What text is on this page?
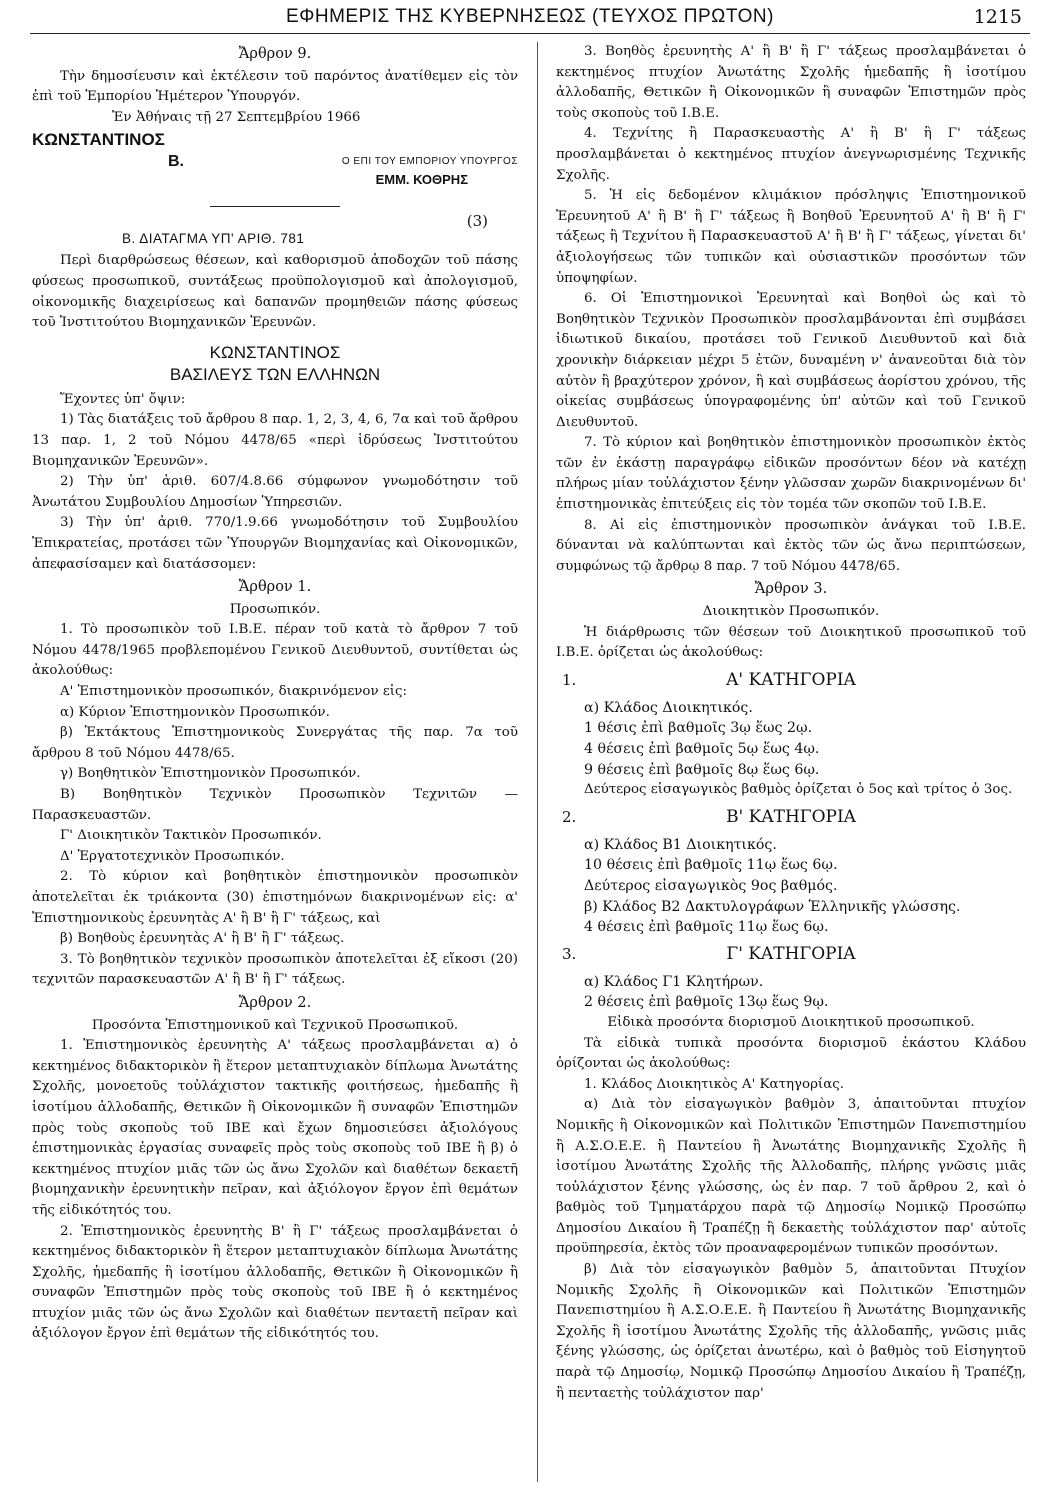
ΕΦΗΜΕΡΙΣ ΤΗΣ ΚΥΒΕΡΝΗΣΕΩΣ (ΤΕΥΧΟΣ ΠΡΩΤΟΝ)	1215

Ἄρθρον 9.

Τὴν δημοσίευσιν καὶ ἐκτέλεσιν τοῦ παρόντος ἀνατίθεμεν εἰς τὸν ἐπὶ τοῦ Ἐμπορίου Ἡμέτερον Ὑπουργόν.

Ἐν Ἀθήναις τῇ 27 Σεπτεμβρίου 1966

ΚΩΝΣΤΑΝΤΙΝΟΣ

Β.	Ο ΕΠΙ ΤΟΥ ΕΜΠΟΡΙΟΥ ΥΠΟΥΡΓΟΣ
ΕΜΜ. ΚΟΘΡΗΣ
(3)
Β. ΔΙΑΤΑΓΜΑ ΥΠ' ΑΡΙΘ. 781

Περὶ διαρθρώσεως θέσεων, καὶ καθορισμοῦ ἀποδοχῶν τοῦ πάσης φύσεως προσωπικοῦ, συντάξεως προϋπολογισμοῦ καὶ ἀπολογισμοῦ, οἰκονομικῆς διαχειρίσεως καὶ δαπανῶν προμηθειῶν πάσης φύσεως τοῦ Ἰνστιτούτου Βιομηχανικῶν Ἐρευνῶν.

ΚΩΝΣΤΑΝΤΙΝΟΣ
ΒΑΣΙΛΕΥΣ ΤΩΝ ΕΛΛΗΝΩΝ

Ἔχοντες ὑπ' ὄψιν:

1) Τὰς διατάξεις τοῦ ἄρθρου 8 παρ. 1, 2, 3, 4, 6, 7α καὶ τοῦ ἄρθρου 13 παρ. 1, 2 τοῦ Νόμου 4478/65 «περὶ ἱδρύσεως Ἰνστιτούτου Βιομηχανικῶν Ἐρευνῶν».

2) Τὴν ὑπ' ἀριθ. 607/4.8.66 σύμφωνον γνωμοδότησιν τοῦ Ἀνωτάτου Συμβουλίου Δημοσίων Ὑπηρεσιῶν.

3) Τὴν ὑπ' ἀριθ. 770/1.9.66 γνωμοδότησιν τοῦ Συμβουλίου Ἐπικρατείας, προτάσει τῶν Ὑπουργῶν Βιομηχανίας καὶ Οἰκονομικῶν, ἀπεφασίσαμεν καὶ διατάσσομεν:

Ἄρθρον 1.

Προσωπικόν.

1. Τὸ προσωπικὸν τοῦ Ι.Β.Ε. πέραν τοῦ κατὰ τὸ ἄρθρον 7 τοῦ Νόμου 4478/1965 προβλεπομένου Γενικοῦ Διευθυντοῦ, συντίθεται ὡς ἀκολούθως:

Α' Ἐπιστημονικὸν προσωπικόν, διακρινόμενον εἰς:

α) Κύριον Ἐπιστημονικὸν Προσωπικόν.

β) Ἐκτάκτους Ἐπιστημονικοὺς Συνεργάτας τῆς παρ. 7α τοῦ ἄρθρου 8 τοῦ Νόμου 4478/65.

γ) Βοηθητικὸν Ἐπιστημονικὸν Προσωπικόν.

Β) Βοηθητικὸν Τεχνικὸν Προσωπικὸν Τεχνιτῶν — Παρασκευαστῶν.

Γ' Διοικητικὸν Τακτικὸν Προσωπικόν.

Δ' Ἐργατοτεχνικὸν Προσωπικόν.

2. Τὸ κύριον καὶ βοηθητικὸν ἐπιστημονικὸν προσωπικὸν ἀποτελεῖται ἐκ τριάκοντα (30) ἐπιστημόνων διακρινομένων εἰς: α' Ἐπιστημονικοὺς ἐρευνητὰς Α' ἢ Β' ἢ Γ' τάξεως, καὶ

β) Βοηθοὺς ἐρευνητὰς Α' ἢ Β' ἢ Γ' τάξεως.

3. Τὸ βοηθητικὸν τεχνικὸν προσωπικὸν ἀποτελεῖται ἐξ εἴκοσι (20) τεχνιτῶν παρασκευαστῶν Α' ἢ Β' ἢ Γ' τάξεως.

Ἄρθρον 2.

Προσόντα Ἐπιστημονικοῦ καὶ Τεχνικοῦ Προσωπικοῦ.

1. Ἐπιστημονικὸς ἐρευνητὴς Α' τάξεως προσλαμβάνεται α) ὁ κεκτημένος διδακτορικὸν ἢ ἕτερον μεταπτυχιακὸν δίπλωμα Ἀνωτάτης Σχολῆς, μονοετοῦς τοὐλάχιστον τακτικῆς φοιτήσεως, ἡμεδαπῆς ἢ ἰσοτίμου ἀλλοδαπῆς, Θετικῶν ἢ Οἰκονομικῶν ἢ συναφῶν Ἐπιστημῶν πρὸς τοὺς σκοποὺς τοῦ ΙΒΕ καὶ ἔχων δημοσιεύσει ἀξιολόγους ἐπιστημονικὰς ἐργασίας συναφεῖς πρὸς τοὺς σκοποὺς τοῦ ΙΒΕ ἢ β) ὁ κεκτημένος πτυχίον μιᾶς τῶν ὡς ἄνω Σχολῶν καὶ διαθέτων δεκαετῆ βιομηχανικὴν ἐρευνητικὴν πεῖραν, καὶ ἀξιόλογον ἔργον ἐπὶ θεμάτων τῆς εἰδικότητός του.

2. Ἐπιστημονικὸς ἐρευνητὴς Β' ἢ Γ' τάξεως προσλαμβάνεται ὁ κεκτημένος διδακτορικὸν ἢ ἕτερον μεταπτυχιακὸν δίπλωμα Ἀνωτάτης Σχολῆς, ἡμεδαπῆς ἢ ἰσοτίμου ἀλλοδαπῆς, Θετικῶν ἢ Οἰκονομικῶν ἢ συναφῶν Ἐπιστημῶν πρὸς τοὺς σκοποὺς τοῦ ΙΒΕ ἢ ὁ κεκτημένος πτυχίον μιᾶς τῶν ὡς ἄνω Σχολῶν καὶ διαθέτων πενταετῆ πεῖραν καὶ ἀξιόλογον ἔργον ἐπὶ θεμάτων τῆς εἰδικότητός του.

3. Βοηθὸς ἐρευνητὴς Α' ἢ Β' ἢ Γ' τάξεως προσλαμβάνεται ὁ κεκτημένος πτυχίον Ἀνωτάτης Σχολῆς ἡμεδαπῆς ἢ ἰσοτίμου ἀλλοδαπῆς, Θετικῶν ἢ Οἰκονομικῶν ἢ συναφῶν Ἐπιστημῶν πρὸς τοὺς σκοποὺς τοῦ Ι.Β.Ε.

4. Τεχνίτης ἢ Παρασκευαστὴς Α' ἢ Β' ἢ Γ' τάξεως προσλαμβάνεται ὁ κεκτημένος πτυχίον ἀνεγνωρισμένης Τεχνικῆς Σχολῆς.

5. Ἡ εἰς δεδομένον κλιμάκιον πρόσληψις Ἐπιστημονικοῦ Ἐρευνητοῦ Α' ἢ Β' ἢ Γ' τάξεως ἢ Βοηθοῦ Ἐρευνητοῦ Α' ἢ Β' ἢ Γ' τάξεως ἢ Τεχνίτου ἢ Παρασκευαστοῦ Α' ἢ Β' ἢ Γ' τάξεως, γίνεται δι' ἀξιολογήσεως τῶν τυπικῶν καὶ οὐσιαστικῶν προσόντων τῶν ὑποψηφίων.

6. Οἱ Ἐπιστημονικοὶ Ἐρευνηταὶ καὶ Βοηθοὶ ὡς καὶ τὸ Βοηθητικὸν Τεχνικὸν Προσωπικὸν προσλαμβάνονται ἐπὶ συμβάσει ἰδιωτικοῦ δικαίου, προτάσει τοῦ Γενικοῦ Διευθυντοῦ καὶ διὰ χρονικὴν διάρκειαν μέχρι 5 ἐτῶν, δυναμένη ν' ἀνανεοῦται διὰ τὸν αὐτὸν ἢ βραχύτερον χρόνον, ἢ καὶ συμβάσεως ἀορίστου χρόνου, τῆς οἰκείας συμβάσεως ὑπογραφομένης ὑπ' αὐτῶν καὶ τοῦ Γενικοῦ Διευθυντοῦ.

7. Τὸ κύριον καὶ βοηθητικὸν ἐπιστημονικὸν προσωπικὸν ἐκτὸς τῶν ἐν ἑκάστῃ παραγράφῳ εἰδικῶν προσόντων δέον νὰ κατέχῃ πλήρως μίαν τοὐλάχιστον ξένην γλῶσσαν χωρῶν διακρινομένων δι' ἐπιστημονικὰς ἐπιτεύξεις εἰς τὸν τομέα τῶν σκοπῶν τοῦ Ι.Β.Ε.

8. Αἱ εἰς ἐπιστημονικὸν προσωπικὸν ἀνάγκαι τοῦ Ι.Β.Ε. δύνανται νὰ καλύπτωνται καὶ ἐκτὸς τῶν ὡς ἄνω περιπτώσεων, συμφώνως τῷ ἄρθρῳ 8 παρ. 7 τοῦ Νόμου 4478/65.

Ἄρθρον 3.

Διοικητικὸν Προσωπικόν.

Ἡ διάρθρωσις τῶν θέσεων τοῦ Διοικητικοῦ προσωπικοῦ τοῦ Ι.Β.Ε. ὁρίζεται ὡς ἀκολούθως:

1.	Α' ΚΑΤΗΓΟΡΙΑ

α) Κλάδος Διοικητικός.

1 θέσις ἐπὶ βαθμοῖς 3ῳ ἕως 2ῳ.

4 θέσεις ἐπὶ βαθμοῖς 5ῳ ἕως 4ῳ.

9 θέσεις ἐπὶ βαθμοῖς 8ῳ ἕως 6ῳ.

Δεύτερος εἰσαγωγικὸς βαθμὸς ὁρίζεται ὁ 5ος καὶ τρίτος ὁ 3ος.

2.	Β' ΚΑΤΗΓΟΡΙΑ

α) Κλάδος Β1 Διοικητικός.

10 θέσεις ἐπὶ βαθμοῖς 11ῳ ἕως 6ῳ.

Δεύτερος εἰσαγωγικὸς 9ος βαθμός.

β) Κλάδος Β2 Δακτυλογράφων Ἑλληνικῆς γλώσσης.

4 θέσεις ἐπὶ βαθμοῖς 11ῳ ἕως 6ῳ.

3.	Γ' ΚΑΤΗΓΟΡΙΑ

α) Κλάδος Γ1 Κλητήρων.

2 θέσεις ἐπὶ βαθμοῖς 13ῳ ἕως 9ῳ.

Εἰδικὰ προσόντα διορισμοῦ Διοικητικοῦ προσωπικοῦ.

Τὰ εἰδικὰ τυπικὰ προσόντα διορισμοῦ ἑκάστου Κλάδου ὁρίζονται ὡς ἀκολούθως:

1. Κλάδος Διοικητικὸς Α' Κατηγορίας.

α) Διὰ τὸν εἰσαγωγικὸν βαθμὸν 3, ἀπαιτοῦνται πτυχίον Νομικῆς ἢ Οἰκονομικῶν καὶ Πολιτικῶν Ἐπιστημῶν Πανεπιστημίου ἢ Α.Σ.Ο.Ε.Ε. ἢ Παντείου ἢ Ἀνωτάτης Βιομηχανικῆς Σχολῆς ἢ ἰσοτίμου Ἀνωτάτης Σχολῆς τῆς Ἀλλοδαπῆς, πλήρης γνῶσις μιᾶς τοὐλάχιστον ξένης γλώσσης, ὡς ἐν παρ. 7 τοῦ ἄρθρου 2, καὶ ὁ βαθμὸς τοῦ Τμηματάρχου παρὰ τῷ Δημοσίῳ Νομικῷ Προσώπῳ Δημοσίου Δικαίου ἢ Τραπέζῃ ἢ δεκαετὴς τοὐλάχιστον παρ' αὐτοῖς προϋπηρεσία, ἐκτὸς τῶν προαναφερομένων τυπικῶν προσόντων.

β) Διὰ τὸν εἰσαγωγικὸν βαθμὸν 5, ἀπαιτοῦνται Πτυχίον Νομικῆς Σχολῆς ἢ Οἰκονομικῶν καὶ Πολιτικῶν Ἐπιστημῶν Πανεπιστημίου ἢ Α.Σ.Ο.Ε.Ε. ἢ Παντείου ἢ Ἀνωτάτης Βιομηχανικῆς Σχολῆς ἢ ἰσοτίμου Ἀνωτάτης Σχολῆς τῆς ἀλλοδαπῆς, γνῶσις μιᾶς ξένης γλώσσης, ὡς ὁρίζεται ἀνωτέρω, καὶ ὁ βαθμὸς τοῦ Εἰσηγητοῦ παρὰ τῷ Δημοσίῳ, Νομικῷ Προσώπῳ Δημοσίου Δικαίου ἢ Τραπέζῃ, ἢ πενταετὴς τοὐλάχιστον παρ'
